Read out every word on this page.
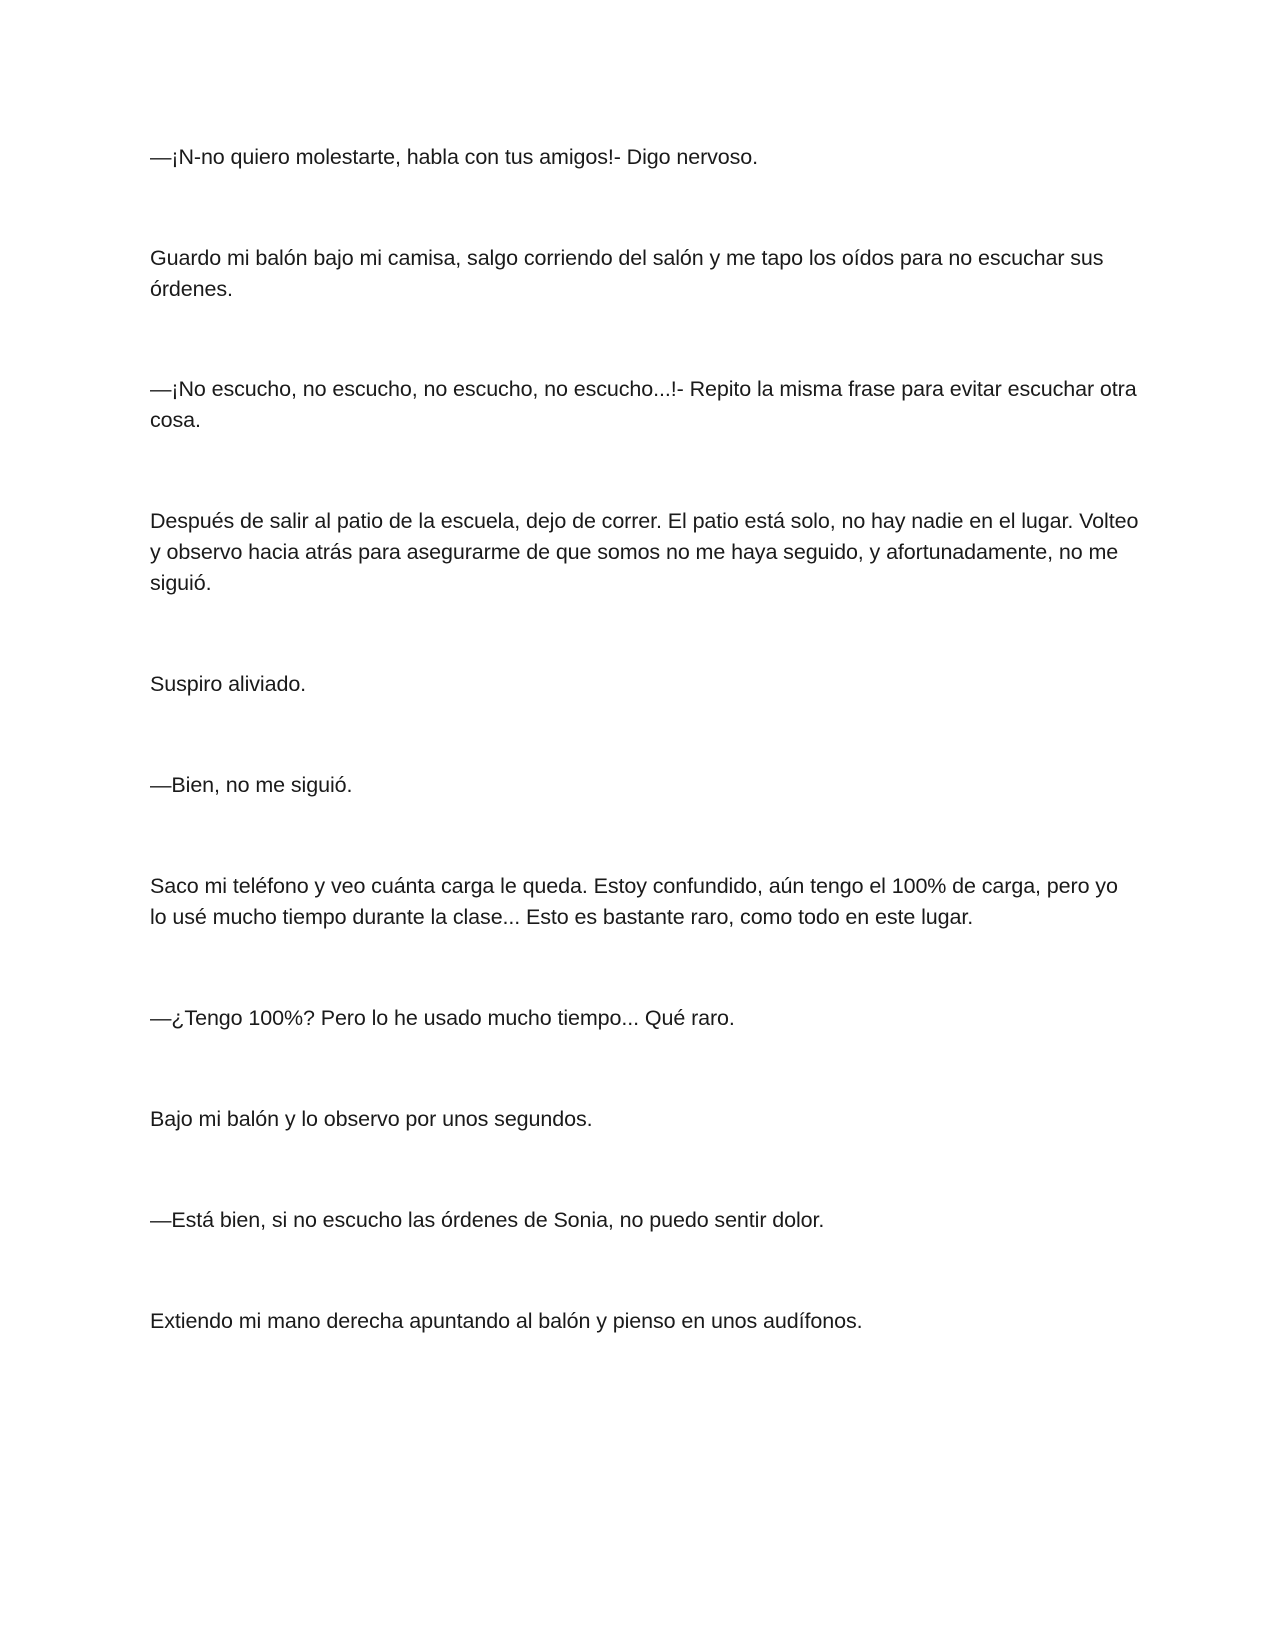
—¡N-no quiero molestarte, habla con tus amigos!- Digo nervoso.

Guardo mi balón bajo mi camisa, salgo corriendo del salón y me tapo los oídos para no escuchar sus órdenes.

—¡No escucho, no escucho, no escucho, no escucho...!- Repito la misma frase para evitar escuchar otra cosa.

Después de salir al patio de la escuela, dejo de correr. El patio está solo, no hay nadie en el lugar. Volteo y observo hacia atrás para asegurarme de que somos no me haya seguido, y afortunadamente, no me siguió.

Suspiro aliviado.

—Bien, no me siguió.

Saco mi teléfono y veo cuánta carga le queda. Estoy confundido, aún tengo el 100% de carga, pero yo lo usé mucho tiempo durante la clase... Esto es bastante raro, como todo en este lugar.

—¿Tengo 100%? Pero lo he usado mucho tiempo... Qué raro.

Bajo mi balón y lo observo por unos segundos.

—Está bien, si no escucho las órdenes de Sonia, no puedo sentir dolor.

Extiendo mi mano derecha apuntando al balón y pienso en unos audífonos.
